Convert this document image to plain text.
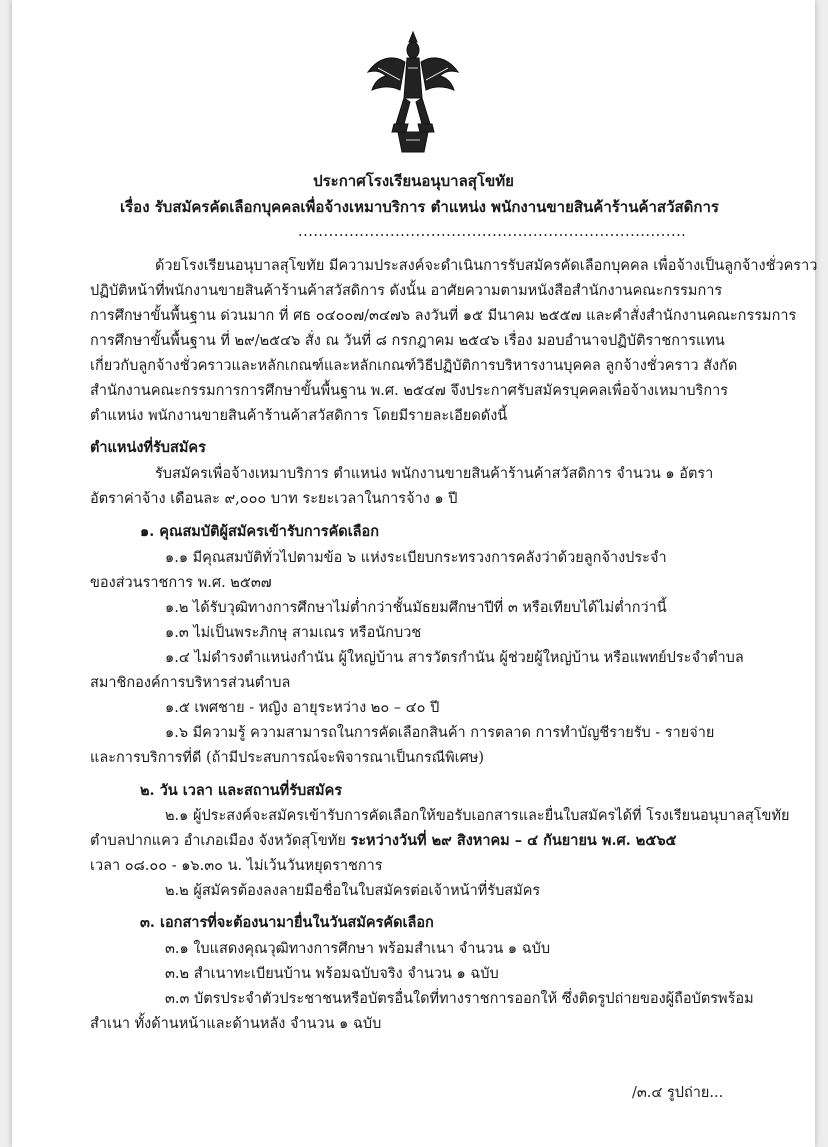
ประกาศโรงเรียนอนุบาลสุโขทัย
เรื่อง รับสมัครคัดเลือกบุคคลเพื่อจ้างเหมาบริการ ตำแหน่ง พนักงานขายสินค้าร้านค้าสวัสดิการ
............................................................................
ด้วยโรงเรียนอนุบาลสุโขทัย มีความประสงค์จะดำเนินการรับสมัครคัดเลือกบุคคล เพื่อจ้างเป็นลูกจ้างชั่วคราว
ปฏิบัติหน้าที่พนักงานขายสินค้าร้านค้าสวัสดิการ ดังนั้น อาศัยความตามหนังสือสำนักงานคณะกรรมการ
การศึกษาขั้นพื้นฐาน ด่วนมาก ที่ ศธ ๐๔๐๐๗/๓๔๗๖ ลงวันที่ ๑๕ มีนาคม ๒๕๕๗ และคำสั่งสำนักงานคณะกรรมการ
การศึกษาขั้นพื้นฐาน ที่ ๒๙/๒๕๔๖ สั่ง ณ วันที่ ๘ กรกฎาคม ๒๕๔๖ เรื่อง มอบอำนาจปฏิบัติราชการแทน
เกี่ยวกับลูกจ้างชั่วคราวและหลักเกณฑ์และหลักเกณฑ์วิธีปฏิบัติการบริหารงานบุคคล ลูกจ้างชั่วคราว สังกัด
สำนักงานคณะกรรมการการศึกษาขั้นพื้นฐาน พ.ศ. ๒๕๔๗ จึงประกาศรับสมัครบุคคลเพื่อจ้างเหมาบริการ
ตำแหน่ง พนักงานขายสินค้าร้านค้าสวัสดิการ โดยมีรายละเอียดดังนี้
ตำแหน่งที่รับสมัคร
รับสมัครเพื่อจ้างเหมาบริการ ตำแหน่ง พนักงานขายสินค้าร้านค้าสวัสดิการ จำนวน ๑ อัตรา
อัตราค่าจ้าง เดือนละ ๙,๐๐๐ บาท ระยะเวลาในการจ้าง ๑ ปี
๑. คุณสมบัติผู้สมัครเข้ารับการคัดเลือก
๑.๑ มีคุณสมบัติทั่วไปตามข้อ ๖ แห่งระเบียบกระทรวงการคลังว่าด้วยลูกจ้างประจำ
ของส่วนราชการ พ.ศ. ๒๕๓๗
๑.๒ ได้รับวุฒิทางการศึกษาไม่ต่ำกว่าชั้นมัธยมศึกษาปีที่ ๓ หรือเทียบได้ไม่ต่ำกว่านี้
๑.๓ ไม่เป็นพระภิกษุ สามเณร หรือนักบวช
๑.๔ ไม่ดำรงตำแหน่งกำนัน ผู้ใหญ่บ้าน สารวัตรกำนัน ผู้ช่วยผู้ใหญ่บ้าน หรือแพทย์ประจำตำบล
สมาชิกองค์การบริหารส่วนตำบล
๑.๕ เพศชาย - หญิง อายุระหว่าง ๒๐ – ๔๐ ปี
๑.๖ มีความรู้ ความสามารถในการคัดเลือกสินค้า การตลาด การทำบัญชีรายรับ - รายจ่าย
และการบริการที่ดี (ถ้ามีประสบการณ์จะพิจารณาเป็นกรณีพิเศษ)
๒. วัน เวลา และสถานที่รับสมัคร
๒.๑ ผู้ประสงค์จะสมัครเข้ารับการคัดเลือกให้ขอรับเอกสารและยื่นใบสมัครได้ที่ โรงเรียนอนุบาลสุโขทัย
ตำบลปากแคว อำเภอเมือง จังหวัดสุโขทัย ระหว่างวันที่ ๒๙ สิงหาคม – ๔ กันยายน พ.ศ. ๒๕๖๕
เวลา ๐๘.๐๐ - ๑๖.๓๐ น. ไม่เว้นวันหยุดราชการ
๒.๒ ผู้สมัครต้องลงลายมือชื่อในใบสมัครต่อเจ้าหน้าที่รับสมัคร
๓. เอกสารที่จะต้องนามายื่นในวันสมัครคัดเลือก
๓.๑ ใบแสดงคุณวุฒิทางการศึกษา พร้อมสำเนา จำนวน ๑ ฉบับ
๓.๒ สำเนาทะเบียนบ้าน พร้อมฉบับจริง จำนวน ๑ ฉบับ
๓.๓ บัตรประจำตัวประชาชนหรือบัตรอื่นใดที่ทางราชการออกให้ ซึ่งติดรูปถ่ายของผู้ถือบัตรพร้อม
สำเนา ทั้งด้านหน้าและด้านหลัง จำนวน ๑ ฉบับ
/๓.๔ รูปถ่าย...
